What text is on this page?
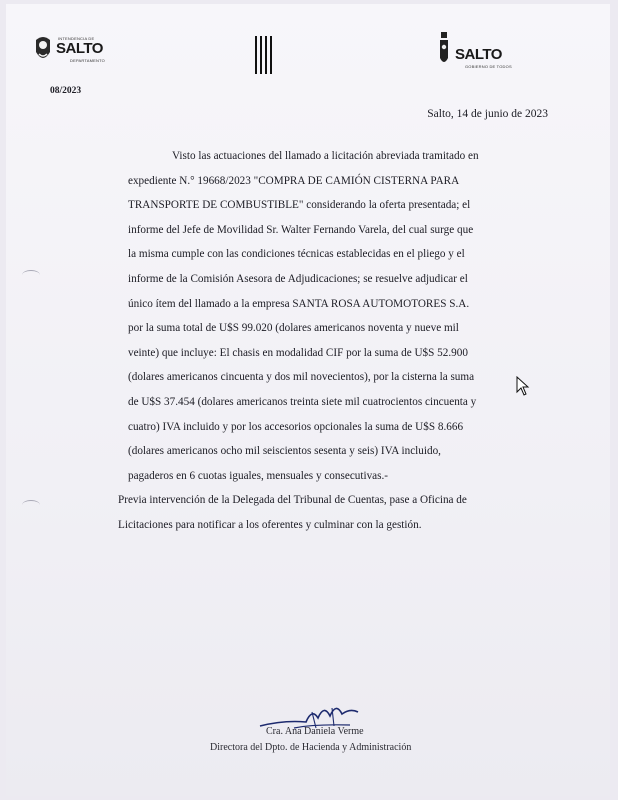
INTENDENCIA DE
SALTO
DEPARTAMENTO	SALTO
GOBIERNO DE TODOS
08/2023
Salto, 14 de junio de 2023
Visto las actuaciones del llamado a licitación abreviada tramitado en
expediente N.° 19668/2023 "COMPRA DE CAMIÓN CISTERNA PARA
TRANSPORTE DE COMBUSTIBLE" considerando la oferta presentada; el
informe del Jefe de Movilidad Sr. Walter Fernando Varela, del cual surge que
la misma cumple con las condiciones técnicas establecidas en el pliego y el
informe de la Comisión Asesora de Adjudicaciones; se resuelve adjudicar el
único ítem del llamado a la empresa SANTA ROSA AUTOMOTORES S.A.
por la suma total de U$S 99.020 (dolares americanos noventa y nueve mil
veinte) que incluye: El chasis en modalidad CIF por la suma de U$S 52.900
(dolares americanos cincuenta y dos mil novecientos), por la cisterna la suma
de U$S 37.454 (dolares americanos treinta siete mil cuatrocientos cincuenta y
cuatro) IVA incluido y por los accesorios opcionales la suma de U$S 8.666
(dolares americanos ocho mil seiscientos sesenta y seis) IVA incluido,
pagaderos en 6 cuotas iguales, mensuales y consecutivas.-
Previa intervención de la Delegada del Tribunal de Cuentas, pase a Oficina de
Licitaciones para notificar a los oferentes y culminar con la gestión.
Cra. Ana Daniela Verme
Directora del Dpto. de Hacienda y Administración
